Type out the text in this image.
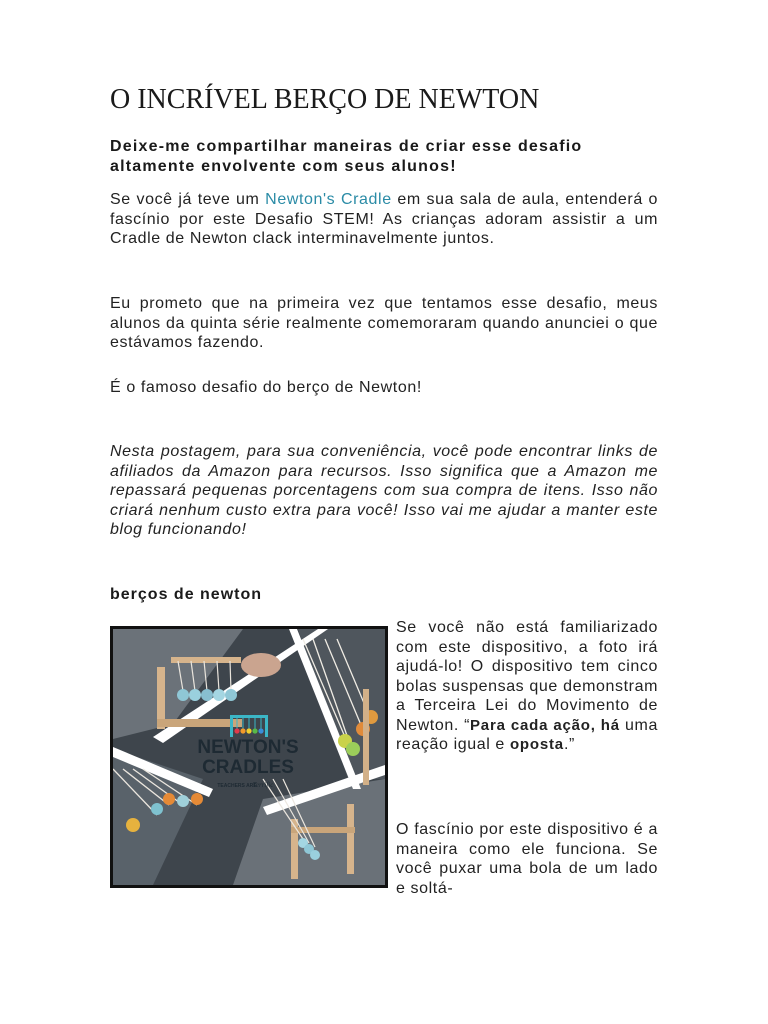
O INCRÍVEL BERÇO DE NEWTON

Deixe-me compartilhar maneiras de criar esse desafio altamente envolvente com seus alunos!

Se você já teve um Newton's Cradle em sua sala de aula, entenderá o fascínio por este Desafio STEM! As crianças adoram assistir a um Cradle de Newton clack interminavelmente juntos.

Eu prometo que na primeira vez que tentamos esse desafio, meus alunos da quinta série realmente comemoraram quando anunciei o que estávamos fazendo.

É o famoso desafio do berço de Newton!

Nesta postagem, para sua conveniência, você pode encontrar links de afiliados da Amazon para recursos. Isso significa que a Amazon me repassará pequenas porcentagens com sua compra de itens. Isso não criará nenhum custo extra para você! Isso vai me ajudar a manter este blog funcionando!

berços de newton
NEWTON'S
CRADLES
TEACHERS ARE
Terrific

Se você não está familiarizado com este dispositivo, a foto irá ajudá-lo! O dispositivo tem cinco bolas suspensas que demonstram a Terceira Lei do Movimento de Newton. “Para cada ação, há uma reação igual e oposta.”

O fascínio por este dispositivo é a maneira como ele funciona. Se você puxar uma bola de um lado e soltá-
